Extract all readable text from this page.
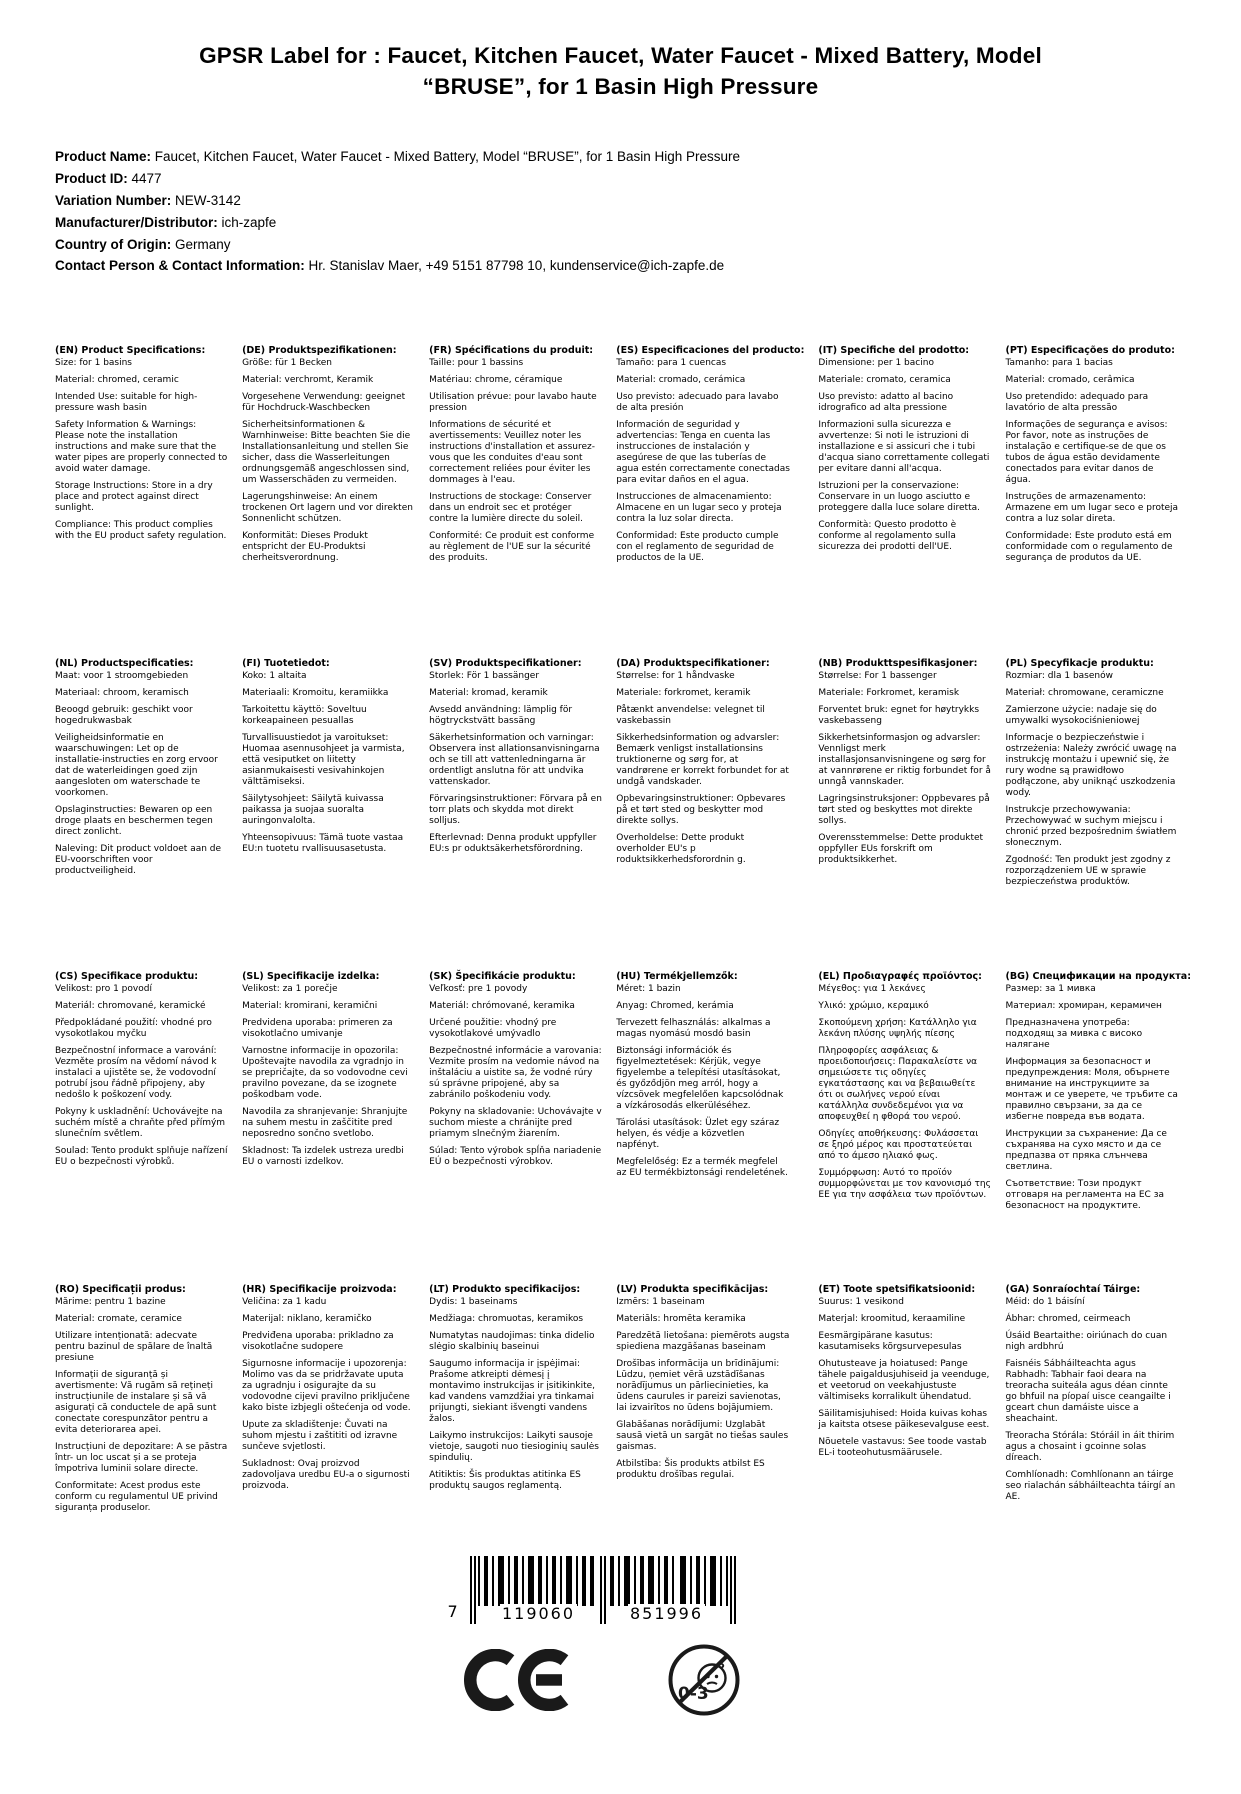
GPSR Label for : Faucet, Kitchen Faucet, Water Faucet - Mixed Battery, Model “BRUSE”, for 1 Basin High Pressure
Product Name: Faucet, Kitchen Faucet, Water Faucet - Mixed Battery, Model “BRUSE”, for 1 Basin High Pressure
Product ID: 4477
Variation Number: NEW-3142
Manufacturer/Distributor: ich-zapfe
Country of Origin: Germany
Contact Person & Contact Information: Hr. Stanislav Maer, +49 5151 87798 10, kundenservice@ich-zapfe.de
(EN) Product Specifications:

Size: for 1 basins

Material: chromed, ceramic

Intended Use: suitable for high-pressure wash basin

Safety Information & Warnings: Please note the installation instructions and make sure that the water pipes are properly connected to avoid water damage.

Storage Instructions: Store in a dry place and protect against direct sunlight.

Compliance: This product complies with the EU product safety regulation.

(DE) Produktspezifikationen:

Größe: für 1 Becken

Material: verchromt, Keramik

Vorgesehene Verwendung: geeignet für Hochdruck-Waschbecken

Sicherheitsinformationen & Warnhinweise: Bitte beachten Sie die Installationsanleitung und stellen Sie sicher, dass die Wasserleitungen ordnungsgemäß angeschlossen sind, um Wasserschäden zu vermeiden.

Lagerungshinweise: An einem trockenen Ort lagern und vor direkten Sonnenlicht schützen.

Konformität: Dieses Produkt entspricht der EU-Produktsi cherheitsverordnung.

(FR) Spécifications du produit:

Taille: pour 1 bassins

Matériau: chrome, céramique

Utilisation prévue: pour lavabo haute pression

Informations de sécurité et avertissements: Veuillez noter les instructions d'installation et assurez-vous que les conduites d'eau sont correctement reliées pour éviter les dommages à l'eau.

Instructions de stockage: Conserver dans un endroit sec et protéger contre la lumière directe du soleil.

Conformité: Ce produit est conforme au règlement de l'UE sur la sécurité des produits.

(ES) Especificaciones del producto:

Tamaño: para 1 cuencas

Material: cromado, cerámica

Uso previsto: adecuado para lavabo de alta presión

Información de seguridad y advertencias: Tenga en cuenta las instrucciones de instalación y asegúrese de que las tuberías de agua estén correctamente conectadas para evitar daños en el agua.

Instrucciones de almacenamiento: Almacene en un lugar seco y proteja contra la luz solar directa.

Conformidad: Este producto cumple con el reglamento de seguridad de productos de la UE.

(IT) Specifiche del prodotto:

Dimensione: per 1 bacino

Materiale: cromato, ceramica

Uso previsto: adatto al bacino idrografico ad alta pressione

Informazioni sulla sicurezza e avvertenze: Si noti le istruzioni di installazione e si assicuri che i tubi d'acqua siano correttamente collegati per evitare danni all'acqua.

Istruzioni per la conservazione: Conservare in un luogo asciutto e proteggere dalla luce solare diretta.

Conformità: Questo prodotto è conforme al regolamento sulla sicurezza dei prodotti dell'UE.

(PT) Especificações do produto:

Tamanho: para 1 bacias

Material: cromado, cerâmica

Uso pretendido: adequado para lavatório de alta pressão

Informações de segurança e avisos: Por favor, note as instruções de instalação e certifique-se de que os tubos de água estão devidamente conectados para evitar danos de água.

Instruções de armazenamento: Armazene em um lugar seco e proteja contra a luz solar direta.

Conformidade: Este produto está em conformidade com o regulamento de segurança de produtos da UE.

(NL) Productspecificaties:

Maat: voor 1 stroomgebieden

Materiaal: chroom, keramisch

Beoogd gebruik: geschikt voor hogedrukwasbak

Veiligheidsinformatie en waarschuwingen: Let op de installatie-instructies en zorg ervoor dat de waterleidingen goed zijn aangesloten om waterschade te voorkomen.

Opslaginstructies: Bewaren op een droge plaats en beschermen tegen direct zonlicht.

Naleving: Dit product voldoet aan de EU-voorschriften voor productveiligheid.

(FI) Tuotetiedot:

Koko: 1 altaita

Materiaali: Kromoitu, keramiikka

Tarkoitettu käyttö: Soveltuu korkeapaineen pesuallas

Turvallisuustiedot ja varoitukset: Huomaa asennusohjeet ja varmista, että vesiputket on liitetty asianmukaisesti vesivahinkojen välttämiseksi.

Säilytysohjeet: Säilytä kuivassa paikassa ja suojaa suoralta auringonvalolta.

Yhteensopivuus: Tämä tuote vastaa EU:n tuotetu rvallisuusasetusta.

(SV) Produktspecifikationer:

Storlek: För 1 bassänger

Material: kromad, keramik

Avsedd användning: lämplig för högtryckstvätt bassäng

Säkerhetsinformation och varningar: Observera inst allationsanvisningarna och se till att vattenledningarna är ordentligt anslutna för att undvika vattenskador.

Förvaringsinstruktioner: Förvara på en torr plats och skydda mot direkt solljus.

Efterlevnad: Denna produkt uppfyller EU:s pr oduktsäkerhetsförordning.

(DA) Produktspecifikationer:

Størrelse: for 1 håndvaske

Materiale: forkromet, keramik

Påtænkt anvendelse: velegnet til vaskebassin

Sikkerhedsinformation og advarsler: Bemærk venligst installationsins truktionerne og sørg for, at vandrørene er korrekt forbundet for at undgå vandskader.

Opbevaringsinstruktioner: Opbevares på et tørt sted og beskytter mod direkte sollys.

Overholdelse: Dette produkt overholder EU's p roduktsikkerhedsforordnin g.

(NB) Produkttspesifikasjoner:

Størrelse: For 1 bassenger

Materiale: Forkromet, keramisk

Forventet bruk: egnet for høytrykks vaskebasseng

Sikkerhetsinformasjon og advarsler: Vennligst merk installasjonsanvisningene og sørg for at vannrørene er riktig forbundet for å unngå vannskader.

Lagringsinstruksjoner: Oppbevares på tørt sted og beskyttes mot direkte sollys.

Overensstemmelse: Dette produktet oppfyller EUs forskrift om produktsikkerhet.

(PL) Specyfikacje produktu:

Rozmiar: dla 1 basenów

Materiał: chromowane, ceramiczne

Zamierzone użycie: nadaje się do umywalki wysokociśnieniowej

Informacje o bezpieczeństwie i ostrzeżenia: Należy zwrócić uwagę na instrukcję montażu i upewnić się, że rury wodne są prawidłowo podłączone, aby uniknąć uszkodzenia wody.

Instrukcje przechowywania: Przechowywać w suchym miejscu i chronić przed bezpośrednim światłem słonecznym.

Zgodność: Ten produkt jest zgodny z rozporządzeniem UE w sprawie bezpieczeństwa produktów.

(CS) Specifikace produktu:

Velikost: pro 1 povodí

Materiál: chromované, keramické

Předpokládané použití: vhodné pro vysokotlakou myčku

Bezpečnostní informace a varování: Vezměte prosím na vědomí návod k instalaci a ujistěte se, že vodovodní potrubí jsou řádně připojeny, aby nedošlo k poškození vody.

Pokyny k uskladnění: Uchovávejte na suchém místě a chraňte před přímým slunečním světlem.

Soulad: Tento produkt splňuje nařízení EU o bezpečnosti výrobků.

(SL) Specifikacije izdelka:

Velikost: za 1 porečje

Material: kromirani, keramični

Predvidena uporaba: primeren za visokotlačno umivanje

Varnostne informacije in opozorila: Upoštevajte navodila za vgradnjo in se prepričajte, da so vodovodne cevi pravilno povezane, da se izognete poškodbam vode.

Navodila za shranjevanje: Shranjujte na suhem mestu in zaščitite pred neposredno sončno svetlobo.

Skladnost: Ta izdelek ustreza uredbi EU o varnosti izdelkov.

(SK) Špecifikácie produktu:

Veľkosť: pre 1 povody

Materiál: chrómované, keramika

Určené použitie: vhodný pre vysokotlakové umývadlo

Bezpečnostné informácie a varovania: Vezmite prosím na vedomie návod na inštaláciu a uistite sa, že vodné rúry sú správne pripojené, aby sa zabránilo poškodeniu vody.

Pokyny na skladovanie: Uchovávajte v suchom mieste a chránijte pred priamym slnečným žiarením.

Súlad: Tento výrobok spĺňa nariadenie EÚ o bezpečnosti výrobkov.

(HU) Termékjellemzők:

Méret: 1 bazin

Anyag: Chromed, kerámia

Tervezett felhasználás: alkalmas a magas nyomású mosdó basin

Biztonsági információk és figyelmeztetések: Kérjük, vegye figyelembe a telepítési utasításokat, és győződjön meg arról, hogy a vízcsövek megfelelően kapcsolódnak a vízkárosodás elkerüléséhez.

Tárolási utasítások: Üzlet egy száraz helyen, és védje a közvetlen napfényt.

Megfelelőség: Ez a termék megfelel az EU termékbiztonsági rendeletének.

(EL) Προδιαγραφές προϊόντος:

Μέγεθος: για 1 λεκάνες

Υλικό: χρώμιο, κεραμικό

Σκοπούμενη χρήση: Κατάλληλο για λεκάνη πλύσης υψηλής πίεσης

Πληροφορίες ασφάλειας & προειδοποιήσεις: Παρακαλείστε να σημειώσετε τις οδηγίες εγκατάστασης και να βεβαιωθείτε ότι οι σωλήνες νερού είναι κατάλληλα συνδεδεμένοι για να αποφευχθεί η φθορά του νερού.

Οδηγίες αποθήκευσης: Φυλάσσεται σε ξηρό μέρος και προστατεύεται από το άμεσο ηλιακό φως.

Συμμόρφωση: Αυτό το προϊόν συμμορφώνεται με τον κανονισμό της ΕΕ για την ασφάλεια των προϊόντων.

(BG) Спецификации на продукта:

Размер: за 1 мивка

Материал: хромиран, керамичен

Предназначена употреба: подходящ за мивка с високо налягане

Информация за безопасност и предупреждения: Моля, обърнете внимание на инструкциите за монтаж и се уверете, че тръбите са правилно свързани, за да се избегне повреда във водата.

Инструкции за съхранение: Да се съхранява на сухо място и да се предпазва от пряка слънчева светлина.

Съответствие: Този продукт отговаря на регламента на ЕС за безопасност на продуктите.

(RO) Specificații produs:

Mărime: pentru 1 bazine

Material: cromate, ceramice

Utilizare intenționată: adecvate pentru bazinul de spălare de înaltă presiune

Informații de siguranță și avertismente: Vă rugăm să rețineți instrucțiunile de instalare și să vă asigurați că conductele de apă sunt conectate corespunzător pentru a evita deteriorarea apei.

Instrucțiuni de depozitare: A se păstra într- un loc uscat și a se proteja împotriva luminii solare directe.

Conformitate: Acest produs este conform cu regulamentul UE privind siguranța produselor.

(HR) Specifikacije proizvoda:

Veličina: za 1 kadu

Materijal: niklano, keramičko

Predviđena uporaba: prikladno za visokotlačne sudopere

Sigurnosne informacije i upozorenja: Molimo vas da se pridržavate uputa za ugradnju i osigurajte da su vodovodne cijevi pravilno priključene kako biste izbjegli oštećenja od vode.

Upute za skladištenje: Čuvati na suhom mjestu i zaštititi od izravne sunčeve svjetlosti.

Sukladnost: Ovaj proizvod zadovoljava uredbu EU-a o sigurnosti proizvoda.

(LT) Produkto specifikacijos:

Dydis: 1 baseinams

Medžiaga: chromuotas, keramikos

Numatytas naudojimas: tinka didelio slėgio skalbinių baseinui

Saugumo informacija ir įspėjimai: Prašome atkreipti dėmesį į montavimo instrukcijas ir įsitikinkite, kad vandens vamzdžiai yra tinkamai prijungti, siekiant išvengti vandens žalos.

Laikymo instrukcijos: Laikyti sausoje vietoje, saugoti nuo tiesioginių saulės spindulių.

Atitiktis: Šis produktas atitinka ES produktų saugos reglamentą.

(LV) Produkta specifikācijas:

Izmērs: 1 baseinam

Materiāls: hromēta keramika

Paredzētā lietošana: piemērots augsta spiediena mazgāšanas baseinam

Drošības informācija un brīdinājumi: Lūdzu, ņemiet vērā uzstādīšanas norādījumus un pārliecinieties, ka ūdens caurules ir pareizi savienotas, lai izvairītos no ūdens bojājumiem.

Glabāšanas norādījumi: Uzglabāt sausā vietā un sargāt no tiešas saules gaismas.

Atbilstība: Šis produkts atbilst ES produktu drošības regulai.

(ET) Toote spetsifikatsioonid:

Suurus: 1 vesikond

Materjal: kroomitud, keraamiline

Eesmärgipärane kasutus: kasutamiseks kõrgsurvepesulas

Ohutusteave ja hoiatused: Pange tähele paigaldusjuhiseid ja veenduge, et veetorud on veekahjustuste vältimiseks korralikult ühendatud.

Säilitamisjuhised: Hoida kuivas kohas ja kaitsta otsese päikesevalguse eest.

Nõuetele vastavus: See toode vastab EL-i tooteohutusmäärusele.

(GA) Sonraíochtaí Táirge:

Méid: do 1 báisíní

Ábhar: chromed, ceirmeach

Úsáid Beartaithe: oiriúnach do cuan nigh ardbhrú

Faisnéis Sábháilteachta agus Rabhadh: Tabhair faoi deara na treoracha suiteála agus déan cinnte go bhfuil na píopaí uisce ceangailte i gceart chun damáiste uisce a sheachaint.

Treoracha Stórála: Stóráil in áit thirim agus a chosaint i gcoinne solas díreach.

Comhlíonadh: Comhlíonann an táirge seo rialachán sábháilteachta táirgí an AE.

7	119060	851996
0-3
